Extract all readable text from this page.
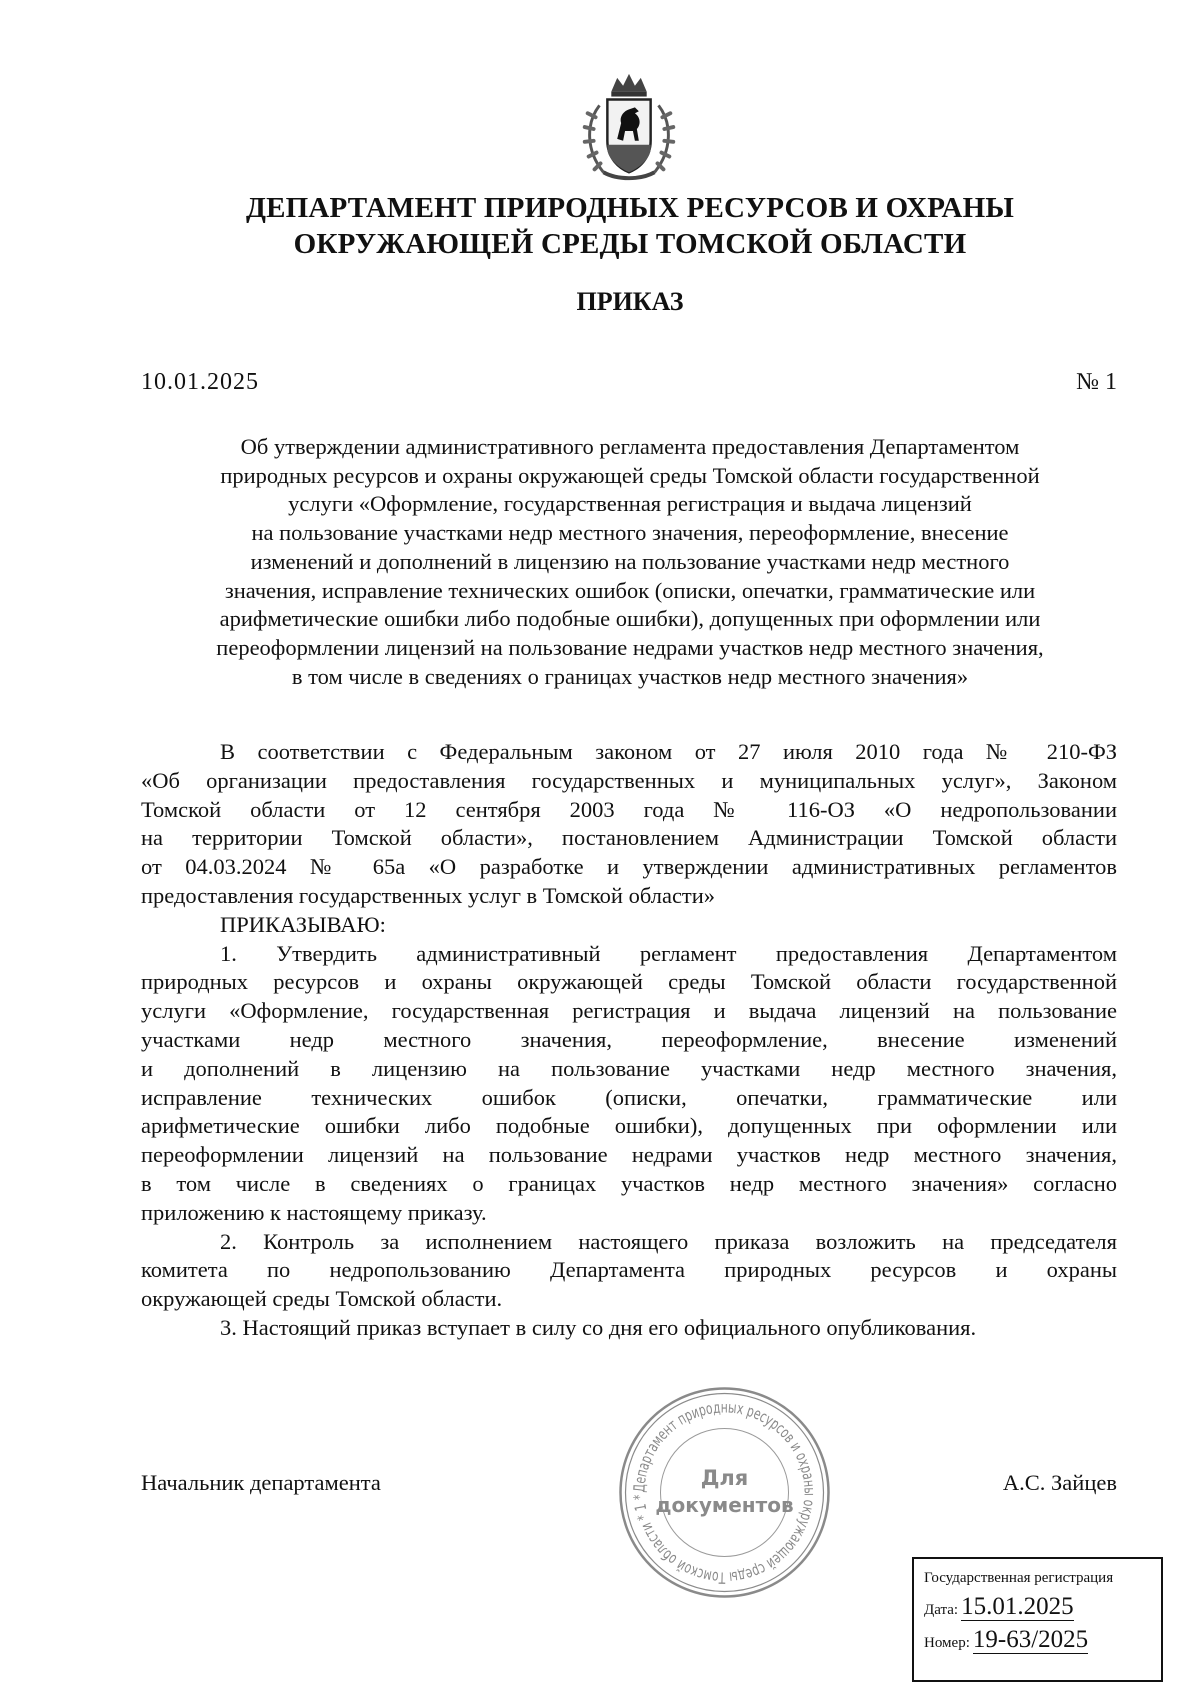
ДЕПАРТАМЕНТ ПРИРОДНЫХ РЕСУРСОВ И ОХРАНЫ
ОКРУЖАЮЩЕЙ СРЕДЫ ТОМСКОЙ ОБЛАСТИ
ПРИКАЗ
10.01.2025	№ 1
Об утверждении административного регламента предоставления Департаментом
природных ресурсов и охраны окружающей среды Томской области государственной
услуги «Оформление, государственная регистрация и выдача лицензий
на пользование участками недр местного значения, переоформление, внесение
изменений и дополнений в лицензию на пользование участками недр местного
значения, исправление технических ошибок (описки, опечатки, грамматические или
арифметические ошибки либо подобные ошибки), допущенных при оформлении или
переоформлении лицензий на пользование недрами участков недр местного значения,
в том числе в сведениях о границах участков недр местного значения»
В соответствии с Федеральным законом от 27 июля 2010 года № 210-ФЗ
«Об организации предоставления государственных и муниципальных услуг», Законом
Томской области от 12 сентября 2003 года № 116-ОЗ «О недропользовании
на территории Томской области», постановлением Администрации Томской области
от 04.03.2024 № 65а «О разработке и утверждении административных регламентов
предоставления государственных услуг в Томской области»
ПРИКАЗЫВАЮ:
1. Утвердить административный регламент предоставления Департаментом
природных ресурсов и охраны окружающей среды Томской области государственной
услуги «Оформление, государственная регистрация и выдача лицензий на пользование
участками недр местного значения, переоформление, внесение изменений
и дополнений в лицензию на пользование участками недр местного значения,
исправление технических ошибок (описки, опечатки, грамматические или
арифметические ошибки либо подобные ошибки), допущенных при оформлении или
переоформлении лицензий на пользование недрами участков недр местного значения,
в том числе в сведениях о границах участков недр местного значения» согласно
приложению к настоящему приказу.
2. Контроль за исполнением настоящего приказа возложить на председателя
комитета по недропользованию Департамента природных ресурсов и охраны
окружающей среды Томской области.
3. Настоящий приказ вступает в силу со дня его официального опубликования.
Начальник департамента	А.С. Зайцев
Департамент природных ресурсов и охраны окружающей среды Томской области * 1 *
Для
документов
Государственная регистрация
Дата: 15.01.2025
Номер: 19-63/2025
